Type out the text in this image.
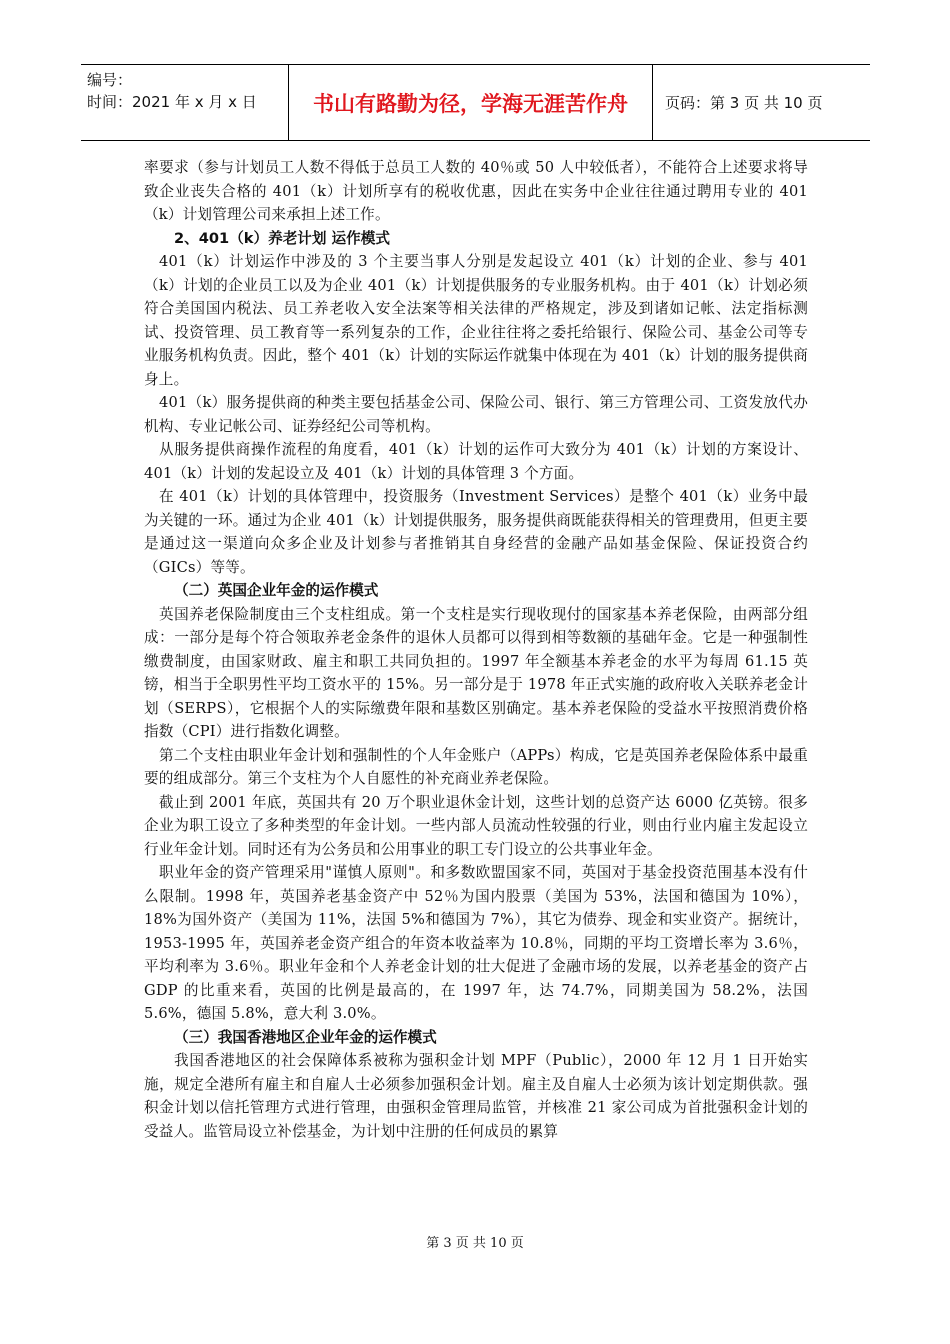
编号：
时间：2021 年 x 月 x 日	书山有路勤为径，学海无涯苦作舟	页码：第 3 页 共 10 页

率要求（参与计划员工人数不得低于总员工人数的 40％或 50 人中较低者），不能符合上述要求将导致企业丧失合格的 401（k）计划所享有的税收优惠，因此在实务中企业往往通过聘用专业的 401（k）计划管理公司来承担上述工作。

2、401（k）养老计划 运作模式

401（k）计划运作中涉及的 3 个主要当事人分别是发起设立 401（k）计划的企业、参与 401（k）计划的企业员工以及为企业 401（k）计划提供服务的专业服务机构。由于 401（k）计划必须符合美国国内税法、员工养老收入安全法案等相关法律的严格规定，涉及到诸如记帐、法定指标测试、投资管理、员工教育等一系列复杂的工作，企业往往将之委托给银行、保险公司、基金公司等专业服务机构负责。因此，整个 401（k）计划的实际运作就集中体现在为 401（k）计划的服务提供商身上。

401（k）服务提供商的种类主要包括基金公司、保险公司、银行、第三方管理公司、工资发放代办机构、专业记帐公司、证券经纪公司等机构。

从服务提供商操作流程的角度看，401（k）计划的运作可大致分为 401（k）计划的方案设计、401（k）计划的发起设立及 401（k）计划的具体管理 3 个方面。

在 401（k）计划的具体管理中，投资服务（Investment Services）是整个 401（k）业务中最为关键的一环。通过为企业 401（k）计划提供服务，服务提供商既能获得相关的管理费用，但更主要是通过这一渠道向众多企业及计划参与者推销其自身经营的金融产品如基金保险、保证投资合约（GICs）等等。

（二）英国企业年金的运作模式

英国养老保险制度由三个支柱组成。第一个支柱是实行现收现付的国家基本养老保险，由两部分组成：一部分是每个符合领取养老金条件的退休人员都可以得到相等数额的基础年金。它是一种强制性缴费制度，由国家财政、雇主和职工共同负担的。1997 年全额基本养老金的水平为每周 61.15 英镑，相当于全职男性平均工资水平的 15%。另一部分是于 1978 年正式实施的政府收入关联养老金计划（SERPS），它根据个人的实际缴费年限和基数区别确定。基本养老保险的受益水平按照消费价格指数（CPI）进行指数化调整。

第二个支柱由职业年金计划和强制性的个人年金账户（APPs）构成，它是英国养老保险体系中最重要的组成部分。第三个支柱为个人自愿性的补充商业养老保险。

截止到 2001 年底，英国共有 20 万个职业退休金计划，这些计划的总资产达 6000 亿英镑。很多企业为职工设立了多种类型的年金计划。一些内部人员流动性较强的行业，则由行业内雇主发起设立行业年金计划。同时还有为公务员和公用事业的职工专门设立的公共事业年金。

职业年金的资产管理采用"谨慎人原则"。和多数欧盟国家不同，英国对于基金投资范围基本没有什么限制。1998 年，英国养老基金资产中 52％为国内股票（美国为 53%，法国和德国为 10%），18%为国外资产（美国为 11%，法国 5%和德国为 7%），其它为债券、现金和实业资产。据统计，1953-1995 年，英国养老金资产组合的年资本收益率为 10.8％，同期的平均工资增长率为 3.6％，平均利率为 3.6％。职业年金和个人养老金计划的壮大促进了金融市场的发展，以养老基金的资产占 GDP 的比重来看，英国的比例是最高的，在 1997 年，达 74.7%，同期美国为 58.2%，法国 5.6%，德国 5.8%，意大利 3.0%。

（三）我国香港地区企业年金的运作模式

我国香港地区的社会保障体系被称为强积金计划 MPF（Public），2000 年 12 月 1 日开始实施，规定全港所有雇主和自雇人士必须参加强积金计划。雇主及自雇人士必须为该计划定期供款。强积金计划以信托管理方式进行管理，由强积金管理局监管，并核准 21 家公司成为首批强积金计划的受益人。监管局设立补偿基金，为计划中注册的任何成员的累算

第 3 页 共 10 页
